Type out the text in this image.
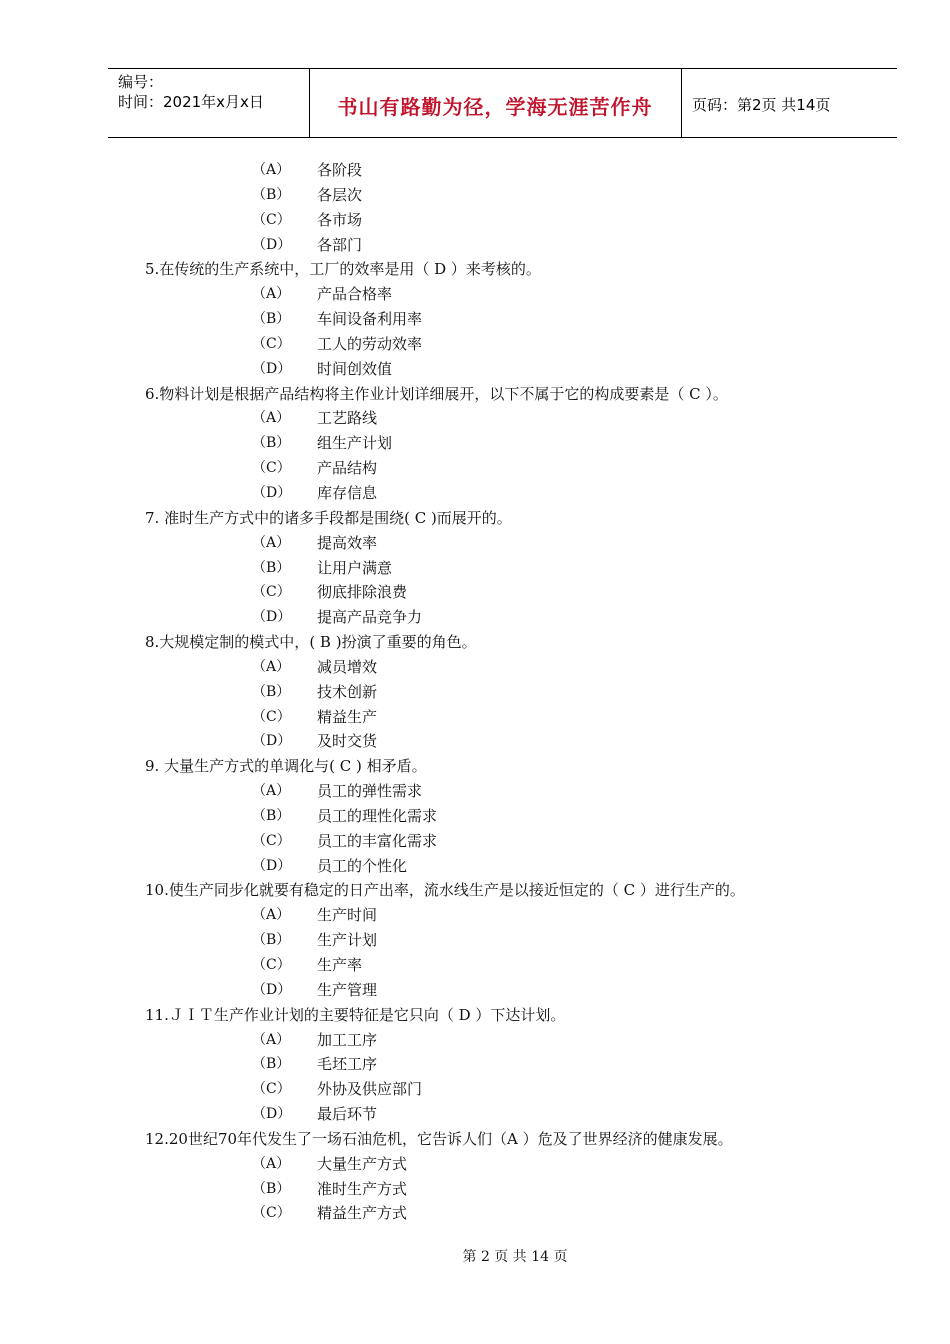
编号：
时间：2021年x月x日	书山有路勤为径，学海无涯苦作舟	页码：第2页 共14页
（A） 各阶段
（B） 各层次
（C） 各市场
（D） 各部门
5.在传统的生产系统中，工厂的效率是用（ D ）来考核的。
（A） 产品合格率
（B） 车间设备利用率
（C） 工人的劳动效率
（D） 时间创效值
6.物料计划是根据产品结构将主作业计划详细展开，以下不属于它的构成要素是（ C ）。
（A） 工艺路线
（B） 组生产计划
（C） 产品结构
（D） 库存信息
7. 准时生产方式中的诸多手段都是围绕( C )而展开的。
（A） 提高效率
（B） 让用户满意
（C） 彻底排除浪费
（D） 提高产品竞争力
8.大规模定制的模式中，( B )扮演了重要的角色。
（A） 减员增效
（B） 技术创新
（C） 精益生产
（D） 及时交货
9. 大量生产方式的单调化与( C ) 相矛盾。
（A） 员工的弹性需求
（B） 员工的理性化需求
（C） 员工的丰富化需求
（D） 员工的个性化
10.使生产同步化就要有稳定的日产出率，流水线生产是以接近恒定的（ C ）进行生产的。
（A） 生产时间
（B） 生产计划
（C） 生产率
（D） 生产管理
11.ＪＩＴ生产作业计划的主要特征是它只向（ D ）下达计划。
（A） 加工工序
（B） 毛坯工序
（C） 外协及供应部门
（D） 最后环节
12.20世纪70年代发生了一场石油危机，它告诉人们（A ）危及了世界经济的健康发展。
（A） 大量生产方式
（B） 准时生产方式
（C） 精益生产方式
第 2 页 共 14 页
